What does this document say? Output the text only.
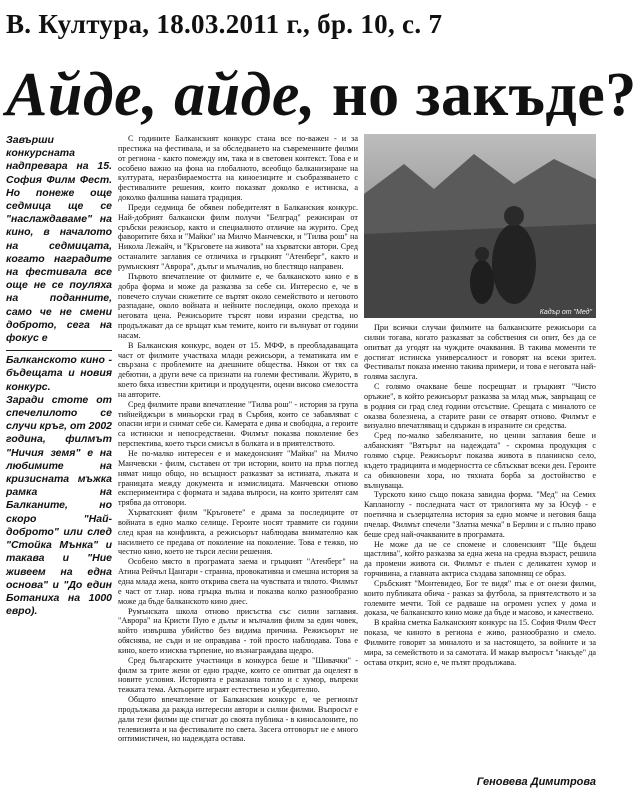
В. Култура, 18.03.2011 г., бр. 10, с. 7
Айде, айде, но закъде?

Завърши конкурсната надпревара на 15. София Филм Фест. Но понеже още седмица ще се "наслаждаваме" на кино, в началото на седмицата, когато наградите на фестивала все още не се поуляха на поданните, само че не смени доброто, сега на фокус е

Балканското кино - бъдещата и новия конкурс.

Заради стоте от спечелилото се случи кръг, от 2002 година, филмът "Ничия земя" е на любимите на кризисната мъжка рамка на Балканите, но скоро "Най-доброто" или след "Стойка Мънка" и такава и "Ние живеем на една основа" и "До един Ботаниха на 1000 евро).

С годините Балканският конкурс стана все по-важен - и за престижа на фестивала, и за обследването на съвременните филми от региона - както помежду им, така и в световен контекст. Това е и особено важно на фона на глобалното, всеобщо балканизиране на културата, неразбираемостта на киноезиците и съобразяването с фестивалните решения, които показват доколко е истинска, а доколко фалшива нашата традиция.

Преди седмица бе обявен победителят в Балканския конкурс. Най-добрият балкански филм получи "Белград" режисиран от сръбски режисьор, както и специалното отличие на журито. Сред фаворитите бяха и "Майки" на Милчо Манчевски, и "Тилва рош" на Никола Лежайч, и "Кръговете на живота" на хърватски автори. Сред останалите заглавия се отличиха и гръцкият "Атенберг", както и румънският "Аврора", дълъг и мълчалив, но блестящо направен.

Първото впечатление от филмите е, че балканското кино е в добра форма и може да разказва за себе си. Интересно е, че в повечето случаи сюжетите се въртят около семейството и неговото разпадане, около войната и нейните последици, около прехода и неговата цена. Режисьорите търсят нови изразни средства, но продължават да се връщат към темите, които ги вълнуват от години насам.

В Балканския конкурс, воден от 15. МФФ, в преобладаващата част от филмите участваха млади режисьори, а тематиката им е свързана с проблемите на днешните общества. Някои от тях са дебютни, а други вече са признати на големи фестивали. Журито, в което бяха известни критици и продуценти, оцени високо смелостта на авторите.

Сред филмите прави впечатление "Тилва рош" - история за група тийнейджъри в миньорски град в Сърбия, които се забавляват с опасни игри и снимат себе си. Камерата е дива и свободна, а героите са истински и непосредствени. Филмът показва поколение без перспектива, което търси смисъл в болката и в приятелството.

Не по-малко интересен е и македонският "Майки" на Милчо Манчевски - филм, съставен от три истории, които на пръв поглед нямат нищо общо, но всъщност разказват за истината, лъжата и границата между документа и измислицата. Манчевски отново експериментира с формата и задава въпроси, на които зрителят сам трябва да отговори.

Хърватският филм "Кръговете" е драма за последиците от войната в едно малко селище. Героите носят травмите си години след края на конфликта, а режисьорът наблюдава внимателно как насилието се предава от поколение на поколение. Това е тежко, но честно кино, което не търси лесни решения.

Особено място в програмата заема и гръцкият "Атенберг" на Атина Рейчъл Цангари - странна, провокативна и смешна история за една млада жена, която открива света на чувствата и тялото. Филмът е част от т.нар. нова гръцка вълна и показва колко разнообразно може да бъде балканското кино днес.

Румънската школа отново присъства със силни заглавия. "Аврора" на Кристи Пую е дълъг и мълчалив филм за един човек, който извършва убийство без видима причина. Режисьорът не обяснява, не съди и не оправдава - той просто наблюдава. Това е кино, което изисква търпение, но възнаграждава щедро.

Сред българските участници в конкурса беше и "Шивачки" - филм за трите жени от едно градче, които се опитват да оцелеят в новите условия. Историята е разказана топло и с хумор, въпреки тежката тема. Актьорите играят естествено и убедително.

Общото впечатление от Балканския конкурс е, че регионът продължава да ражда интересни автори и силни филми. Въпросът е дали тези филми ще стигнат до своята публика - в киносалоните, по телевизията и на фестивалите по света. Засега отговорът не е много оптимистичен, но надеждата остава.

Кадър от "Мед"

При всички случаи филмите на балканските режисьори са силни тогава, когато разказват за собствения си опит, без да се опитват да угодят на чуждите очаквания. В такива моменти те достигат истинска универсалност и говорят на всеки зрител. Фестивалът показа именно такива примери, и това е неговата най-голяма заслуга.

С голямо очакване беше посрещнат и гръцкият "Чисто оръжие", в който режисьорът разказва за млад мъж, завръщащ се в родния си град след години отсъствие. Срещата с миналото се оказва болезнена, а старите рани се отварят отново. Филмът е визуално впечатляващ и сдържан в изразните си средства.

Сред по-малко забелязаните, но ценни заглавия беше и албанският "Вятърът на надеждата" - скромна продукция с голямо сърце. Режисьорът показва живота в планинско село, където традицията и модерността се сблъскват всеки ден. Героите са обикновени хора, но тяхната борба за достойнство е вълнуваща.

Турското кино също показа завидна форма. "Мед" на Семих Капланоглу - последната част от трилогията му за Юсуф - е поетична и съзерцателна история за едно момче и неговия баща пчелар. Филмът спечели "Златна мечка" в Берлин и с пълно право беше сред най-очакваните в програмата.

Не може да не се спомене и словенският "Ще бъдеш щастлива", който разказва за една жена на средна възраст, решила да промени живота си. Филмът е пълен с деликатен хумор и горчивина, а главната актриса създава запомнящ се образ.

Сръбският "Монтевидео, Бог те видя" пък е от онези филми, които публиката обича - разказ за футбола, за приятелството и за големите мечти. Той се радваше на огромен успех у дома и доказа, че балканското кино може да бъде и масово, и качествено.

В крайна сметка Балканският конкурс на 15. София Филм Фест показа, че киното в региона е живо, разнообразно и смело. Филмите говорят за миналото и за настоящето, за войните и за мира, за семейството и за самотата. И макар въпросът "накъде" да остава открит, ясно е, че пътят продължава.

Геновева Димитрова
